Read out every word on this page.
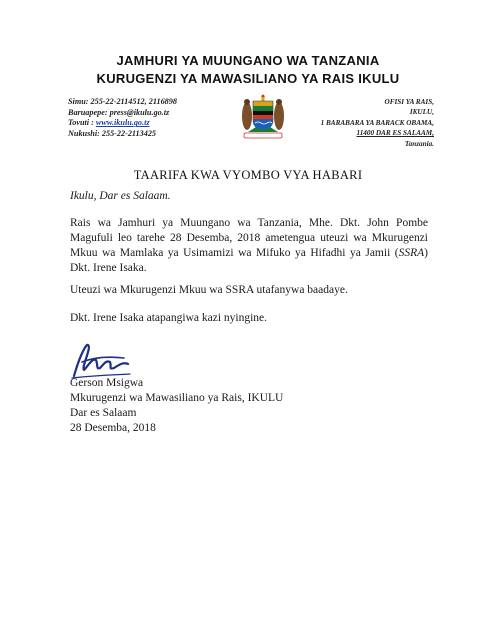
JAMHURI YA MUUNGANO WA TANZANIA
KURUGENZI YA MAWASILIANO YA RAIS IKULU
Simu: 255-22-2114512, 2116898
Baruapepe: press@ikulu.go.tz
Tovuti : www.ikulu.go.tz
Nukushi: 255-22-2113425
OFISI YA RAIS,
IKULU,
1 BARABARA YA BARACK OBAMA,
11400 DAR ES SALAAM,
Tanzania.
TAARIFA KWA VYOMBO VYA HABARI
Ikulu, Dar es Salaam.
Rais wa Jamhuri ya Muungano wa Tanzania, Mhe. Dkt. John Pombe Magufuli leo tarehe 28 Desemba, 2018 ametengua uteuzi wa Mkurugenzi Mkuu wa Mamlaka ya Usimamizi wa Mifuko ya Hifadhi ya Jamii (SSRA) Dkt. Irene Isaka.
Uteuzi wa Mkurugenzi Mkuu wa SSRA utafanywa baadaye.
Dkt. Irene Isaka atapangiwa kazi nyingine.
Gerson Msigwa
Mkurugenzi wa Mawasiliano ya Rais, IKULU
Dar es Salaam
28 Desemba, 2018
